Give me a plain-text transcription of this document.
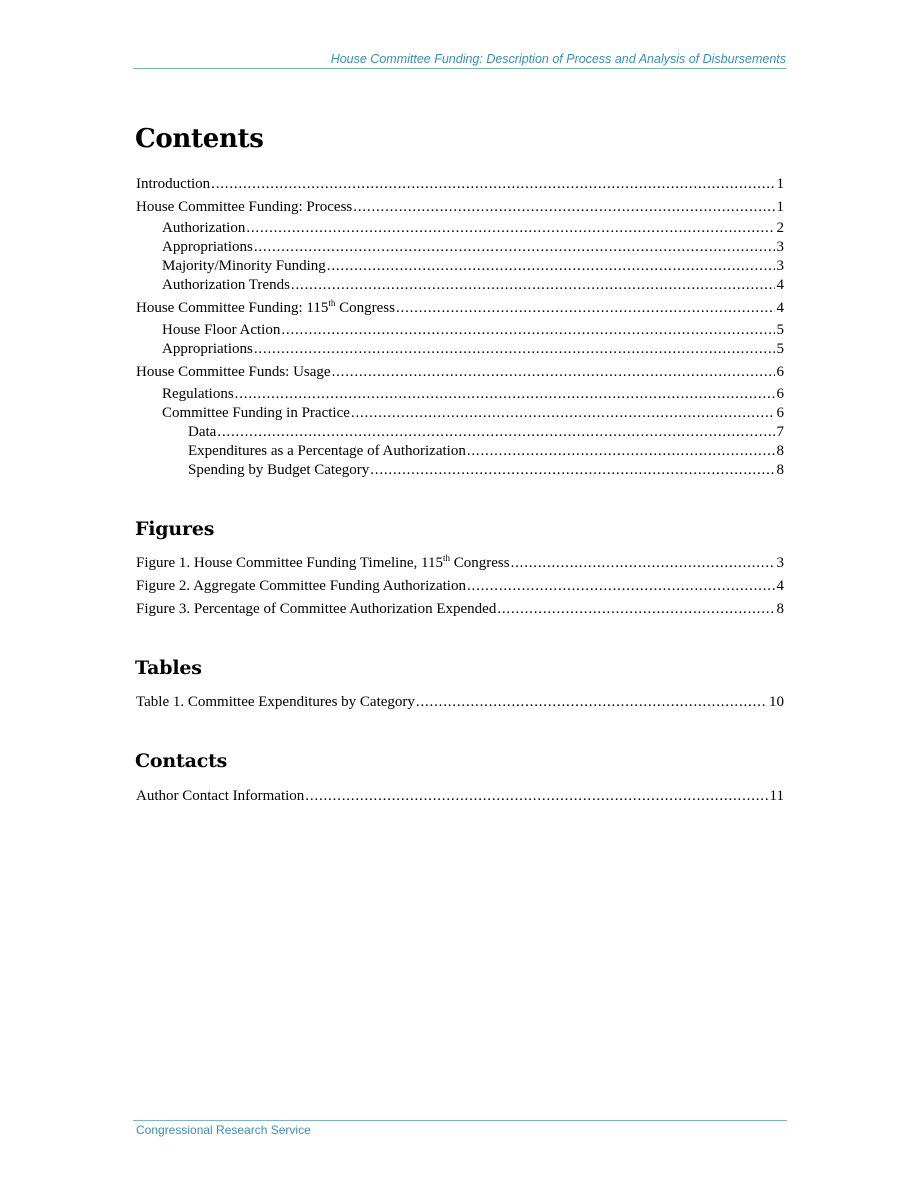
House Committee Funding: Description of Process and Analysis of Disbursements
Contents
Introduction .....	1
House Committee Funding: Process .....	1
Authorization .....	2
Appropriations .....	3
Majority/Minority Funding .....	3
Authorization Trends .....	4
House Committee Funding: 115th Congress .....	4
House Floor Action .....	5
Appropriations .....	5
House Committee Funds: Usage .....	6
Regulations .....	6
Committee Funding in Practice .....	6
Data .....	7
Expenditures as a Percentage of Authorization .....	8
Spending by Budget Category .....	8
Figures
Figure 1. House Committee Funding Timeline, 115th Congress .....	3
Figure 2. Aggregate Committee Funding Authorization .....	4
Figure 3. Percentage of Committee Authorization Expended .....	8
Tables
Table 1. Committee Expenditures by Category .....	10
Contacts
Author Contact Information .....	11
Congressional Research Service
